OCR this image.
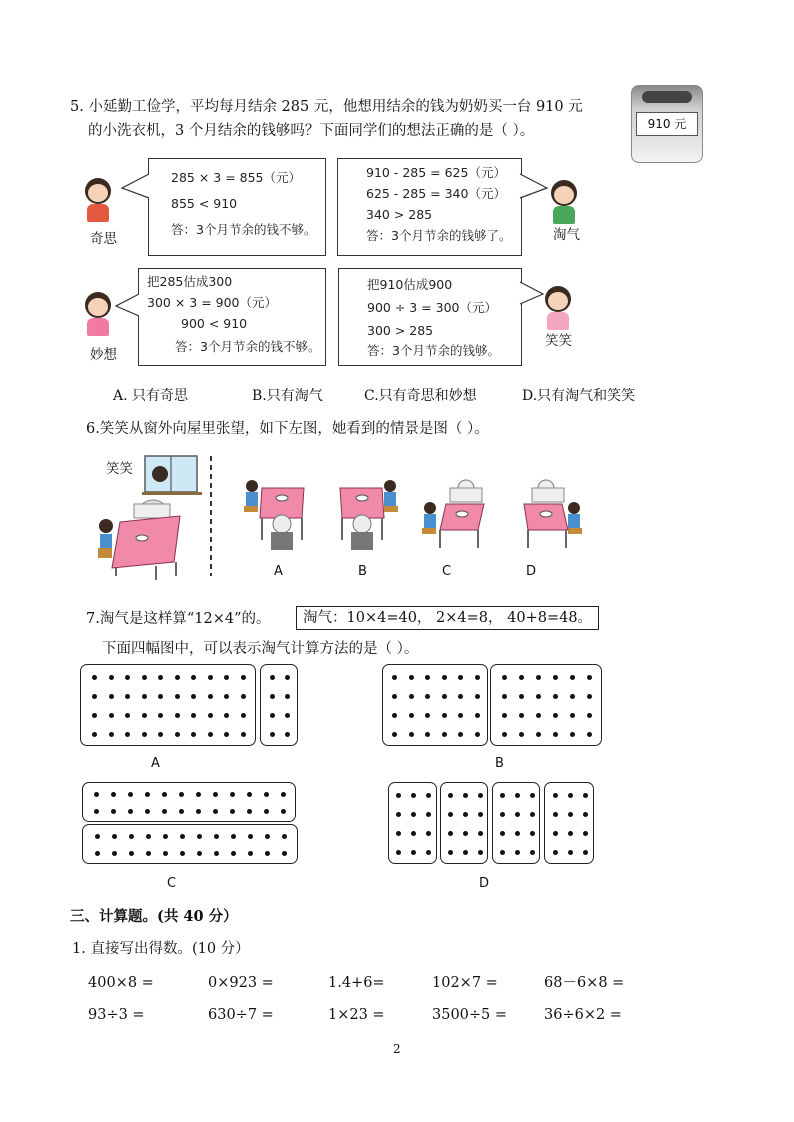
5. 小延勤工俭学，平均每月结余 285 元，他想用结余的钱为奶奶买一台 910 元
的小洗衣机，3 个月结余的钱够吗？下面同学们的想法正确的是（ ）。	910 元
285 × 3 = 855（元）
855 < 910
答：3个月节余的钱不够。
奇思
910 - 285 = 625（元）
625 - 285 = 340（元）
340 > 285
答：3个月节余的钱够了。	淘气
把285估成300
300 × 3 = 900（元）
900 < 910
答：3个月节余的钱不够。
妙想
把910估成900
900 ÷ 3 = 300（元）
300 > 285
答：3个月节余的钱够。
笑笑
A. 只有奇思	B.只有淘气	C.只有奇思和妙想	D.只有淘气和笑笑
6.笑笑从窗外向屋里张望，如下左图，她看到的情景是图（ ）。
笑笑
A	B	C	D
7.淘气是这样算“12×4”的。	淘气：10×4=40， 2×4=8， 40+8=48。
下面四幅图中，可以表示淘气计算方法的是（ ）。
A	B
C	D
三、计算题。(共 40 分）
1. 直接写出得数。(10 分）
400×8 =	0×923 =	1.4+6=	102×7 =	68－6×8 =
93÷3 =	630÷7 =	1×23 =	3500÷5 =	36÷6×2 =
2
